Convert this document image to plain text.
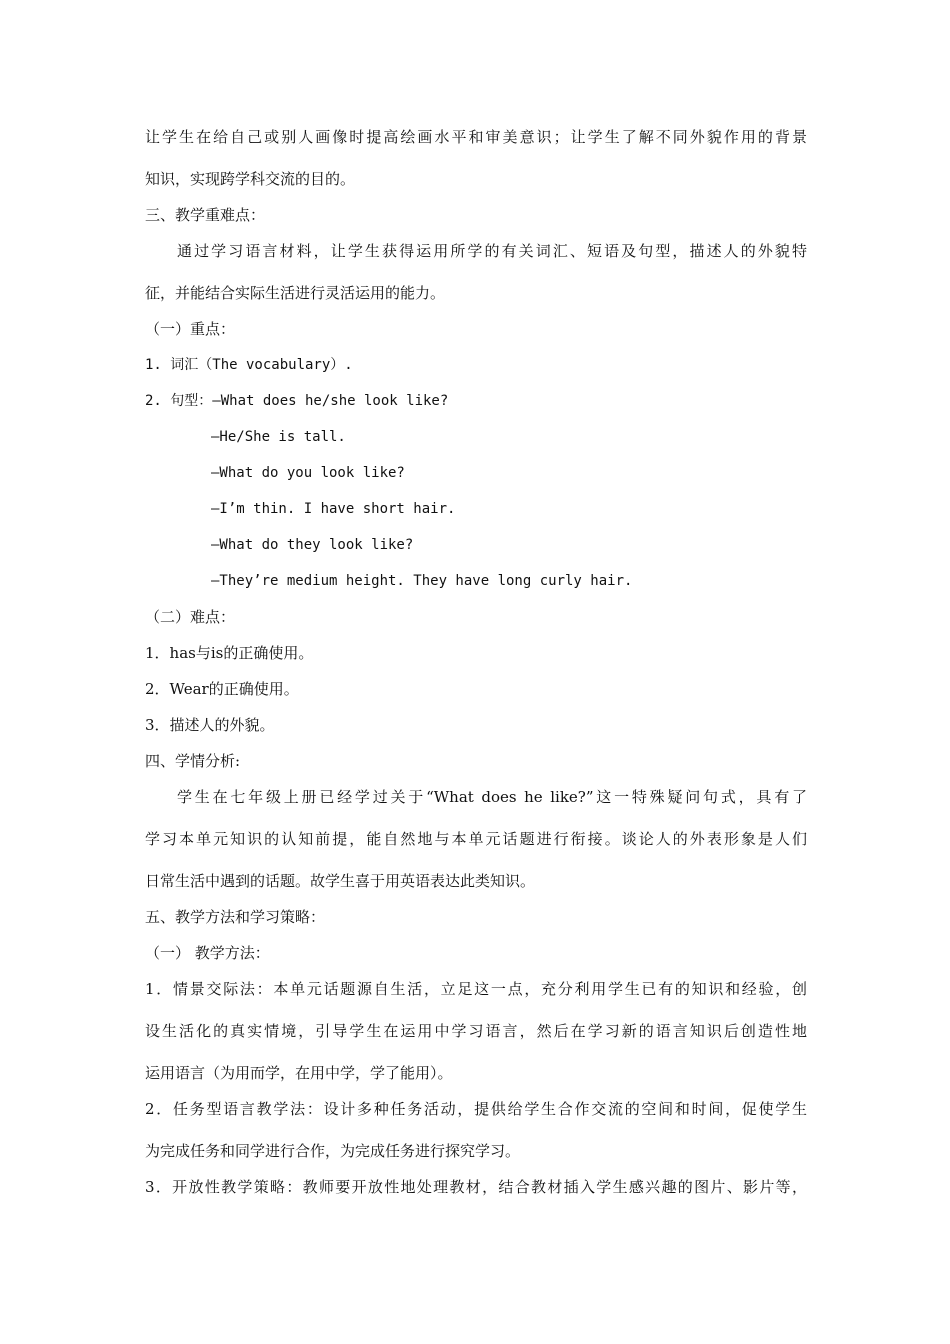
让学生在给自己或别人画像时提高绘画水平和审美意识；让学生了解不同外貌作用的背景
知识，实现跨学科交流的目的。
三、教学重难点：
通过学习语言材料，让学生获得运用所学的有关词汇、短语及句型，描述人的外貌特
征，并能结合实际生活进行灵活运用的能力。
（一）重点：
1. 词汇（The vocabulary）.
2. 句型：—What does he/she look like?
—He/She is tall.
—What do you look like?
—I’m thin. I have short hair.
—What do they look like?
—They’re medium height. They have long curly hair.
（二）难点：
1．has与is的正确使用。
2．Wear的正确使用。
3．描述人的外貌。
四、学情分析:
学生在七年级上册已经学过关于“What does he like?”这一特殊疑问句式，具有了
学习本单元知识的认知前提，能自然地与本单元话题进行衔接。谈论人的外表形象是人们
日常生活中遇到的话题。故学生喜于用英语表达此类知识。
五、教学方法和学习策略：
（一） 教学方法：
1．情景交际法：本单元话题源自生活，立足这一点，充分利用学生已有的知识和经验，创
设生活化的真实情境，引导学生在运用中学习语言，然后在学习新的语言知识后创造性地
运用语言（为用而学，在用中学，学了能用）。
2．任务型语言教学法：设计多种任务活动，提供给学生合作交流的空间和时间，促使学生
为完成任务和同学进行合作，为完成任务进行探究学习。
3．开放性教学策略：教师要开放性地处理教材，结合教材插入学生感兴趣的图片、影片等，
